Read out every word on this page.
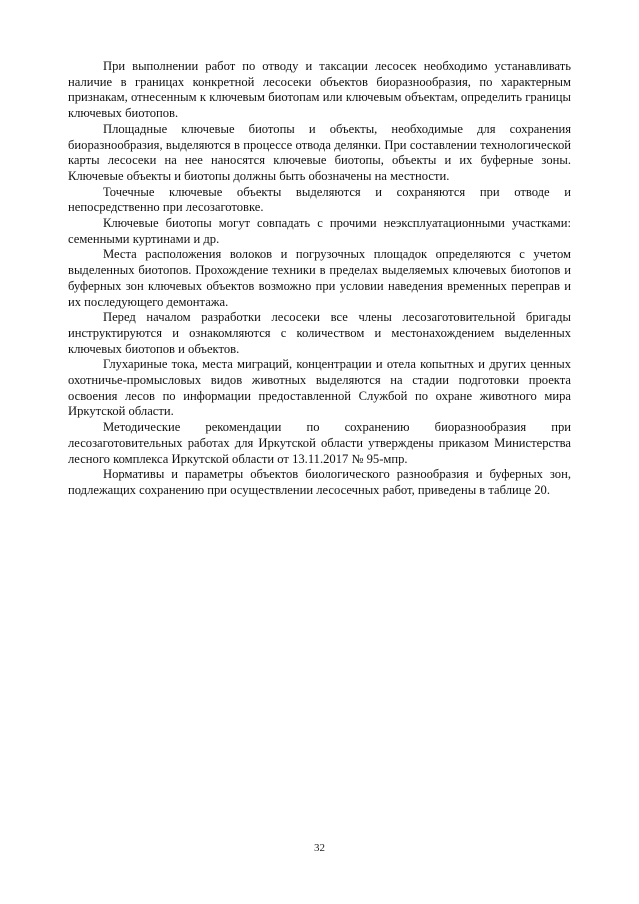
При выполнении работ по отводу и таксации лесосек необходимо устанавливать наличие в границах конкретной лесосеки объектов биоразнообразия, по характерным признакам, отнесенным к ключевым биотопам или ключевым объектам, определить границы ключевых биотопов.

Площадные ключевые биотопы и объекты, необходимые для сохранения биоразнообразия, выделяются в процессе отвода делянки. При составлении технологической карты лесосеки на нее наносятся ключевые биотопы, объекты и их буферные зоны. Ключевые объекты и биотопы должны быть обозначены на местности.

Точечные ключевые объекты выделяются и сохраняются при отводе и непосредственно при лесозаготовке.

Ключевые биотопы могут совпадать с прочими неэксплуатационными участками: семенными куртинами и др.

Места расположения волоков и погрузочных площадок определяются с учетом выделенных биотопов. Прохождение техники в пределах выделяемых ключевых биотопов и буферных зон ключевых объектов возможно при условии наведения временных переправ и их последующего демонтажа.

Перед началом разработки лесосеки все члены лесозаготовительной бригады инструктируются и ознакомляются с количеством и местонахождением выделенных ключевых биотопов и объектов.

Глухариные тока, места миграций, концентрации и отела копытных и других ценных охотничье-промысловых видов животных выделяются на стадии подготовки проекта освоения лесов по информации предоставленной Службой по охране животного мира Иркутской области.

Методические рекомендации по сохранению биоразнообразия при лесозаготовительных работах для Иркутской области утверждены приказом Министерства лесного комплекса Иркутской области от 13.11.2017 № 95-мпр.

Нормативы и параметры объектов биологического разнообразия и буферных зон, подлежащих сохранению при осуществлении лесосечных работ, приведены в таблице 20.

32
